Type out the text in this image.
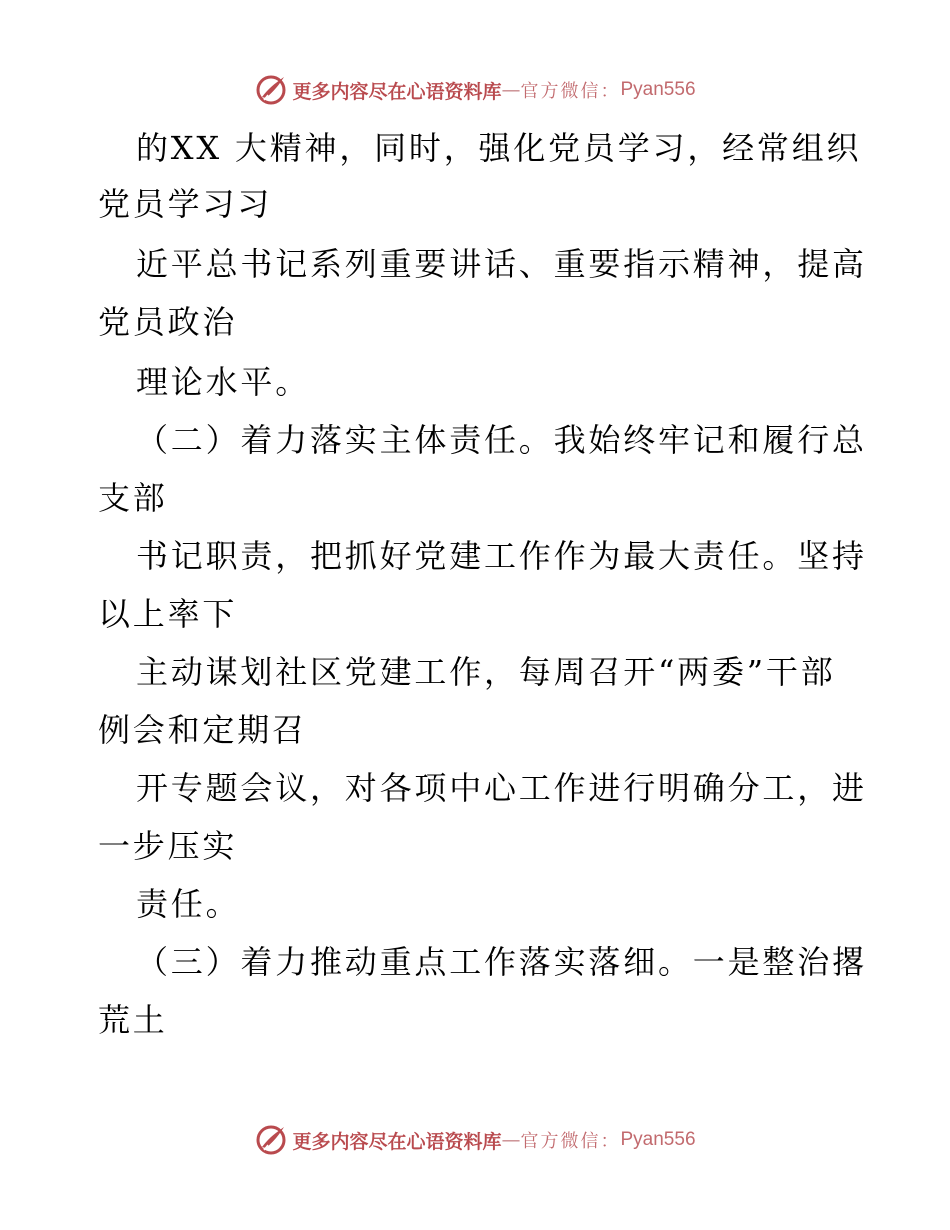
更多内容尽在心语资料库 — 官方微信： Pyan556
的XX 大精神，同时，强化党员学习，经常组织
党员学习习
近平总书记系列重要讲话、重要指示精神，提高
党员政治
理论水平。
（二）着力落实主体责任。我始终牢记和履行总
支部
书记职责，把抓好党建工作作为最大责任。坚持
以上率下
主动谋划社区党建工作，每周召开“两委”干部
例会和定期召
开专题会议，对各项中心工作进行明确分工，进
一步压实
责任。
（三）着力推动重点工作落实落细。一是整治撂
荒土
更多内容尽在心语资料库 — 官方微信： Pyan556
